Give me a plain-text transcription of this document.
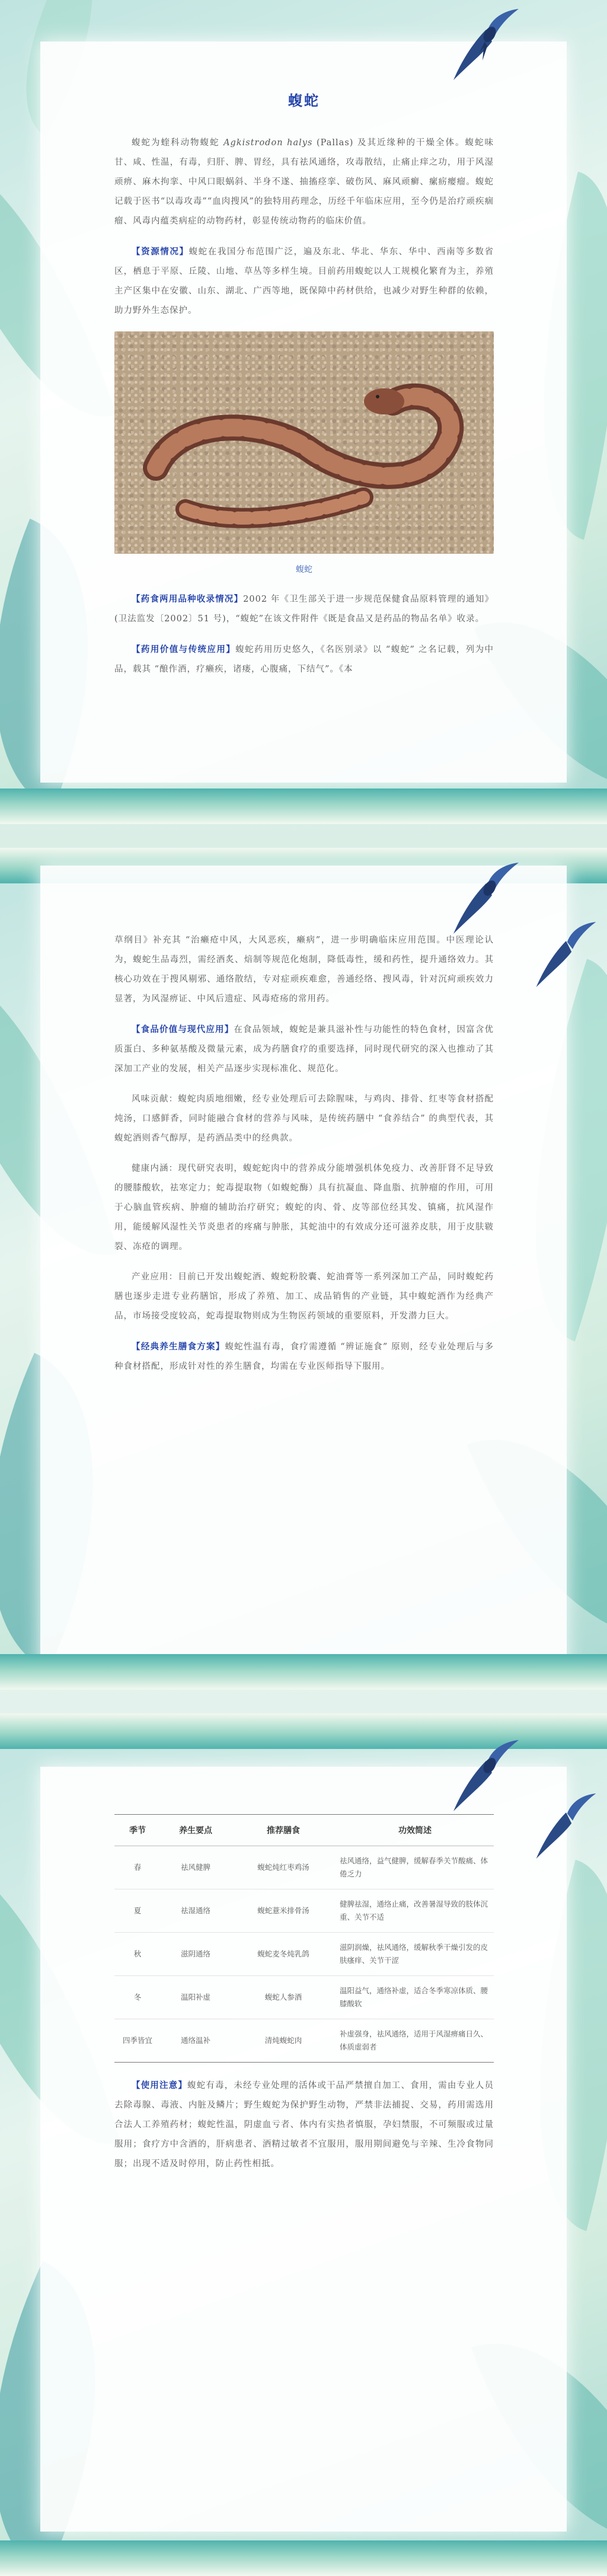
蝮蛇

蝮蛇为蝰科动物蝮蛇 Agkistrodon halys (Pallas) 及其近缘种的干燥全体。蝮蛇味甘、咸、性温，有毒，归肝、脾、胃经，具有祛风通络，攻毒散结，止痛止痒之功，用于风湿顽痹、麻木拘挛、中风口眼蜗斜、半身不遂、抽搐痉挛、破伤风、麻风顽癣、瘰疬瘿瘤。蝮蛇记载于医书“以毒攻毒”“血肉搜风”的独特用药理念，历经千年临床应用，至今仍是治疗顽疾痼瘤、风毒内蕴类病症的动物药材，彰显传统动物药的临床价值。

【资源情况】蝮蛇在我国分布范围广泛，遍及东北、华北、华东、华中、西南等多数省区，栖息于平原、丘陵、山地、草丛等多样生境。目前药用蝮蛇以人工规模化繁育为主，养殖主产区集中在安徽、山东、湖北、广西等地，既保障中药材供给，也减少对野生种群的依赖，助力野外生态保护。

蝮蛇

【药食两用品种收录情况】2002 年《卫生部关于进一步规范保健食品原料管理的通知》(卫法监发〔2002〕51 号)，“蝮蛇”在该文件附件《既是食品又是药品的物品名单》收录。

【药用价值与传统应用】蝮蛇药用历史悠久，《名医别录》以 “蝮蛇” 之名记载，列为中品，载其 “酿作酒，疗癞疾，诸瘘，心腹痛，下结气”。《本

草纲目》补充其 “治癞疮中风，大风恶疾，癞病”，进一步明确临床应用范围。中医理论认为，蝮蛇生品毒烈，需经酒炙、焙制等规范化炮制，降低毒性，缓和药性，提升通络效力。其核心功效在于搜风剔邪、通络散结，专对症顽疾难愈，善通经络、搜风毒，针对沉疴顽疾效力显著，为风湿痹证、中风后遗症、风毒疮疡的常用药。

【食品价值与现代应用】在食品领域，蝮蛇是兼具滋补性与功能性的特色食材，因富含优质蛋白、多种氨基酸及微量元素，成为药膳食疗的重要选择，同时现代研究的深入也推动了其深加工产业的发展，相关产品逐步实现标准化、规范化。

风味贡献：蝮蛇肉质地细嫩，经专业处理后可去除腥味，与鸡肉、排骨、红枣等食材搭配炖汤，口感鲜香，同时能融合食材的营养与风味，是传统药膳中 “食养结合” 的典型代表，其蝮蛇酒则香气醇厚，是药酒品类中的经典款。

健康内涵：现代研究表明，蝮蛇蛇肉中的营养成分能增强机体免疫力、改善肝肾不足导致的腰膝酸软，祛寒定力；蛇毒提取物（如蝮蛇酶）具有抗凝血、降血脂、抗肿瘤的作用，可用于心脑血管疾病、肿瘤的辅助治疗研究；蝮蛇的肉、骨、皮等部位经其发、镇痛，抗风湿作用，能缓解风湿性关节炎患者的疼痛与肿胀，其蛇油中的有效成分还可滋养皮肤，用于皮肤皲裂、冻疮的调理。

产业应用：目前已开发出蝮蛇酒、蝮蛇粉胶囊、蛇油膏等一系列深加工产品，同时蝮蛇药膳也逐步走进专业药膳馆，形成了养殖、加工、成品销售的产业链，其中蝮蛇酒作为经典产品，市场接受度较高，蛇毒提取物则成为生物医药领域的重要原料，开发潜力巨大。

【经典养生膳食方案】蝮蛇性温有毒，食疗需遵循 “辨证施食” 原则，经专业处理后与多种食材搭配，形成针对性的养生膳食，均需在专业医师指导下服用。

季节	养生要点	推荐膳食	功效简述
春	祛风健脾	蝮蛇炖红枣鸡汤	祛风通络，益气健脾，缓解春季关节酸痛、体倦乏力
夏	祛湿通络	蝮蛇薏米排骨汤	健脾祛湿，通络止痛，改善暑湿导致的肢体沉重、关节不适
秋	滋阴通络	蝮蛇麦冬炖乳鸽	滋阴润燥，祛风通络，缓解秋季干燥引发的皮肤瘙痒、关节干涩
冬	温阳补虚	蝮蛇人参酒	温阳益气，通络补虚，适合冬季寒凉体质、腰膝酸软
四季皆宜	通络温补	清炖蝮蛇肉	补虚强身，祛风通络，适用于风湿痹痛日久、体质虚弱者

【使用注意】蝮蛇有毒，未经专业处理的活体或干品严禁擅自加工、食用，需由专业人员去除毒腺、毒液、内脏及鳞片；野生蝮蛇为保护野生动物，严禁非法捕捉、交易，药用需选用合法人工养殖药材；蝮蛇性温，阴虚血亏者、体内有实热者慎服，孕妇禁服，不可频服或过量服用；食疗方中含酒的，肝病患者、酒精过敏者不宜服用，服用期间避免与辛辣、生冷食物同服；出现不适及时停用，防止药性相抵。
